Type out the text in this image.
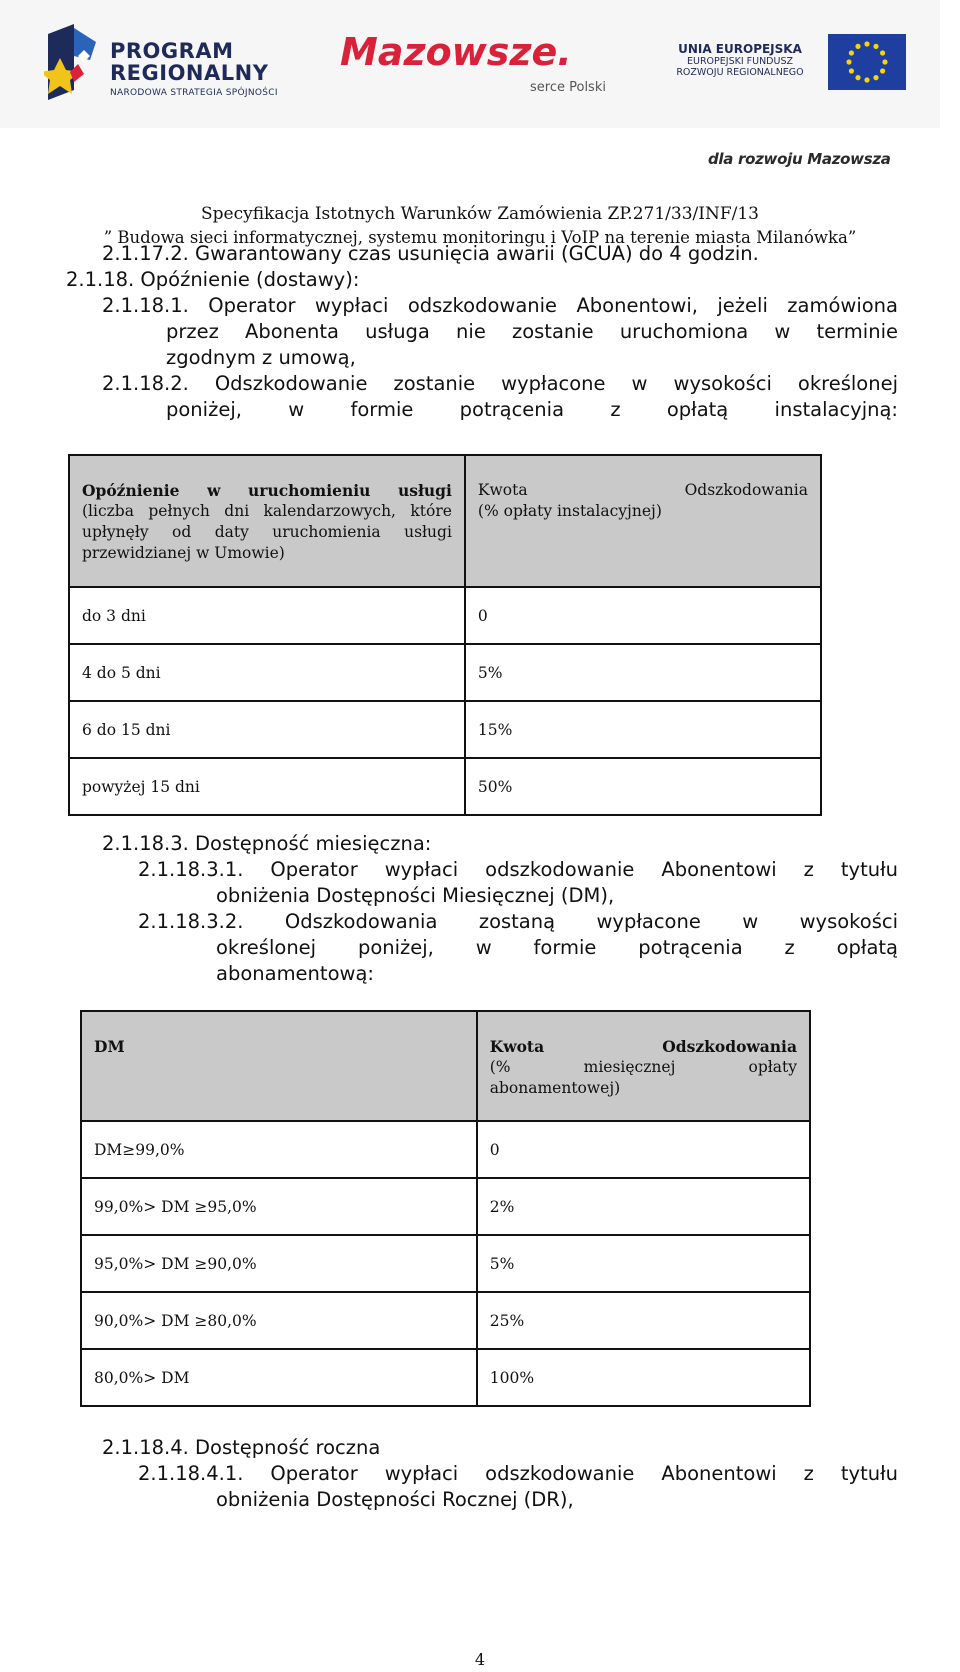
PROGRAM
REGIONALNY
NARODOWA STRATEGIA SPÓJNOŚCI
Mazowsze.
serce Polski
UNIA EUROPEJSKA
EUROPEJSKI FUNDUSZ
ROZWOJU REGIONALNEGO
dla rozwoju Mazowsza
Specyfikacja Istotnych Warunków Zamówienia ZP.271/33/INF/13
” Budowa sieci informatycznej, systemu monitoringu i VoIP na terenie miasta Milanówka”
2.1.17.2. Gwarantowany czas usunięcia awarii (GCUA) do 4 godzin.
2.1.18. Opóźnienie (dostawy):
2.1.18.1. Operator wypłaci odszkodowanie Abonentowi, jeżeli zamówiona
przez Abonenta usługa nie zostanie uruchomiona w terminie
zgodnym z umową,
2.1.18.2. Odszkodowanie zostanie wypłacone w wysokości określonej
poniżej, w formie potrącenia z opłatą instalacyjną:
Opóźnienie w uruchomieniu usługi
(liczba pełnych dni kalendarzowych, które
upłynęły od daty uruchomienia usługi
przewidzianej w Umowie)	Kwota Odszkodowania
(% opłaty instalacyjnej)

do 3 dni	0
4 do 5 dni	5%
6 do 15 dni	15%
powyżej 15 dni	50%
2.1.18.3. Dostępność miesięczna:
2.1.18.3.1. Operator wypłaci odszkodowanie Abonentowi z tytułu
obniżenia Dostępności Miesięcznej (DM),
2.1.18.3.2. Odszkodowania zostaną wypłacone w wysokości
określonej poniżej, w formie potrącenia z opłatą
abonamentową:
DM	Kwota Odszkodowania
(% miesięcznej opłaty
abonamentowej)

DM≥99,0%	0
99,0%> DM ≥95,0%	2%
95,0%> DM ≥90,0%	5%
90,0%> DM ≥80,0%	25%
80,0%> DM	100%
2.1.18.4. Dostępność roczna
2.1.18.4.1. Operator wypłaci odszkodowanie Abonentowi z tytułu
obniżenia Dostępności Rocznej (DR),
4
